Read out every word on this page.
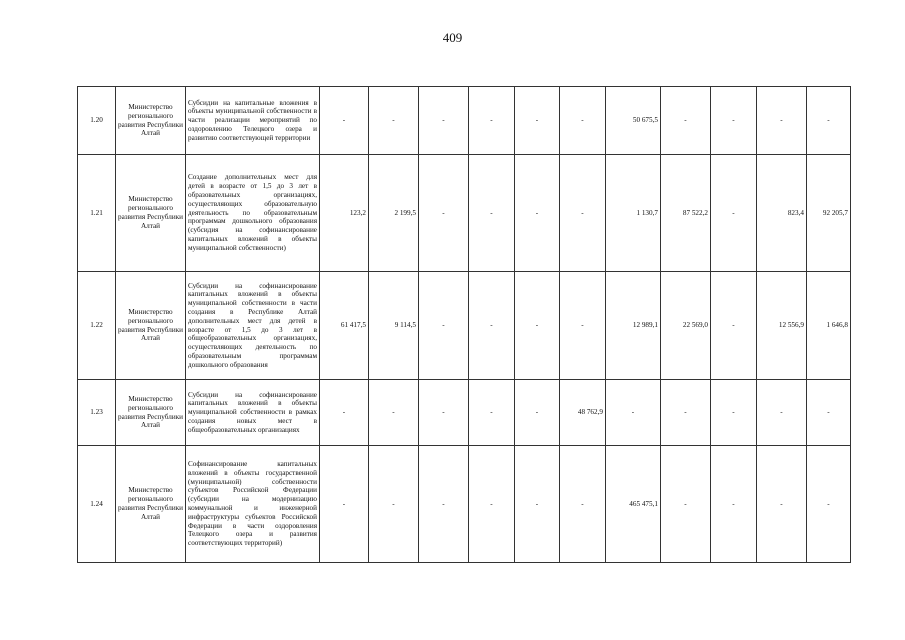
409
1.20	Министерство регионального развития Республики Алтай	Субсидии на капитальные вложения в объекты муниципальной собственности в части реализации мероприятий по оздоровлению Телецкого озера и развитию соответствующей территории	-	-	-	-	-	-	50 675,5	-	-	-	-
1.21	Министерство регионального развития Республики Алтай	Создание дополнительных мест для детей в возрасте от 1,5 до 3 лет в образовательных организациях, осуществляющих образовательную деятельность по образовательным программам дошкольного образования (субсидия на софинансирование капитальных вложений в объекты муниципальной собственности)	123,2	2 199,5	-	-	-	-	1 130,7	87 522,2	-	823,4	92 205,7
1.22	Министерство регионального развития Республики Алтай	Субсидии на софинансирование капитальных вложений в объекты муниципальной собственности в части создания в Республике Алтай дополнительных мест для детей в возрасте от 1,5 до 3 лет в общеобразовательных организациях, осуществляющих деятельность по образовательным программам дошкольного образования	61 417,5	9 114,5	-	-	-	-	12 989,1	22 569,0	-	12 556,9	1 646,8
1.23	Министерство регионального развития Республики Алтай	Субсидии на софинансирование капитальных вложений в объекты муниципальной собственности в рамках создания новых мест в общеобразовательных организациях	-	-	-	-	-	48 762,9	-	-	-	-	-
1.24	Министерство регионального развития Республики Алтай	Софинансирование капитальных вложений в объекты государственной (муниципальной) собственности субъектов Российской Федерации (субсидии на модернизацию коммунальной и инженерной инфраструктуры субъектов Российской Федерации в части оздоровления Телецкого озера и развития соответствующих территорий)	-	-	-	-	-	-	465 475,1	-	-	-	-
